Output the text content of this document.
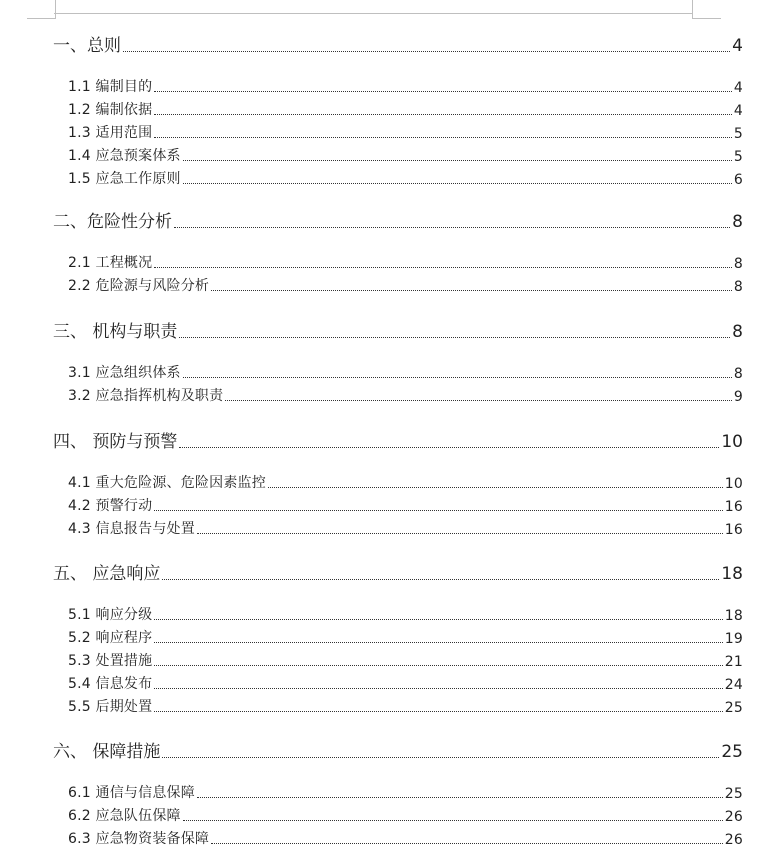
一、总则	4
1.1 编制目的	4
1.2 编制依据	4
1.3 适用范围	5
1.4 应急预案体系	5
1.5 应急工作原则	6
二、危险性分析	8
2.1 工程概况	8
2.2 危险源与风险分析	8
三、 机构与职责	8
3.1 应急组织体系	8
3.2 应急指挥机构及职责	9
四、 预防与预警	10
4.1 重大危险源、危险因素监控	10
4.2 预警行动	16
4.3 信息报告与处置	16
五、 应急响应	18
5.1 响应分级	18
5.2 响应程序	19
5.3 处置措施	21
5.4 信息发布	24
5.5 后期处置	25
六、 保障措施	25
6.1 通信与信息保障	25
6.2 应急队伍保障	26
6.3 应急物资装备保障	26
